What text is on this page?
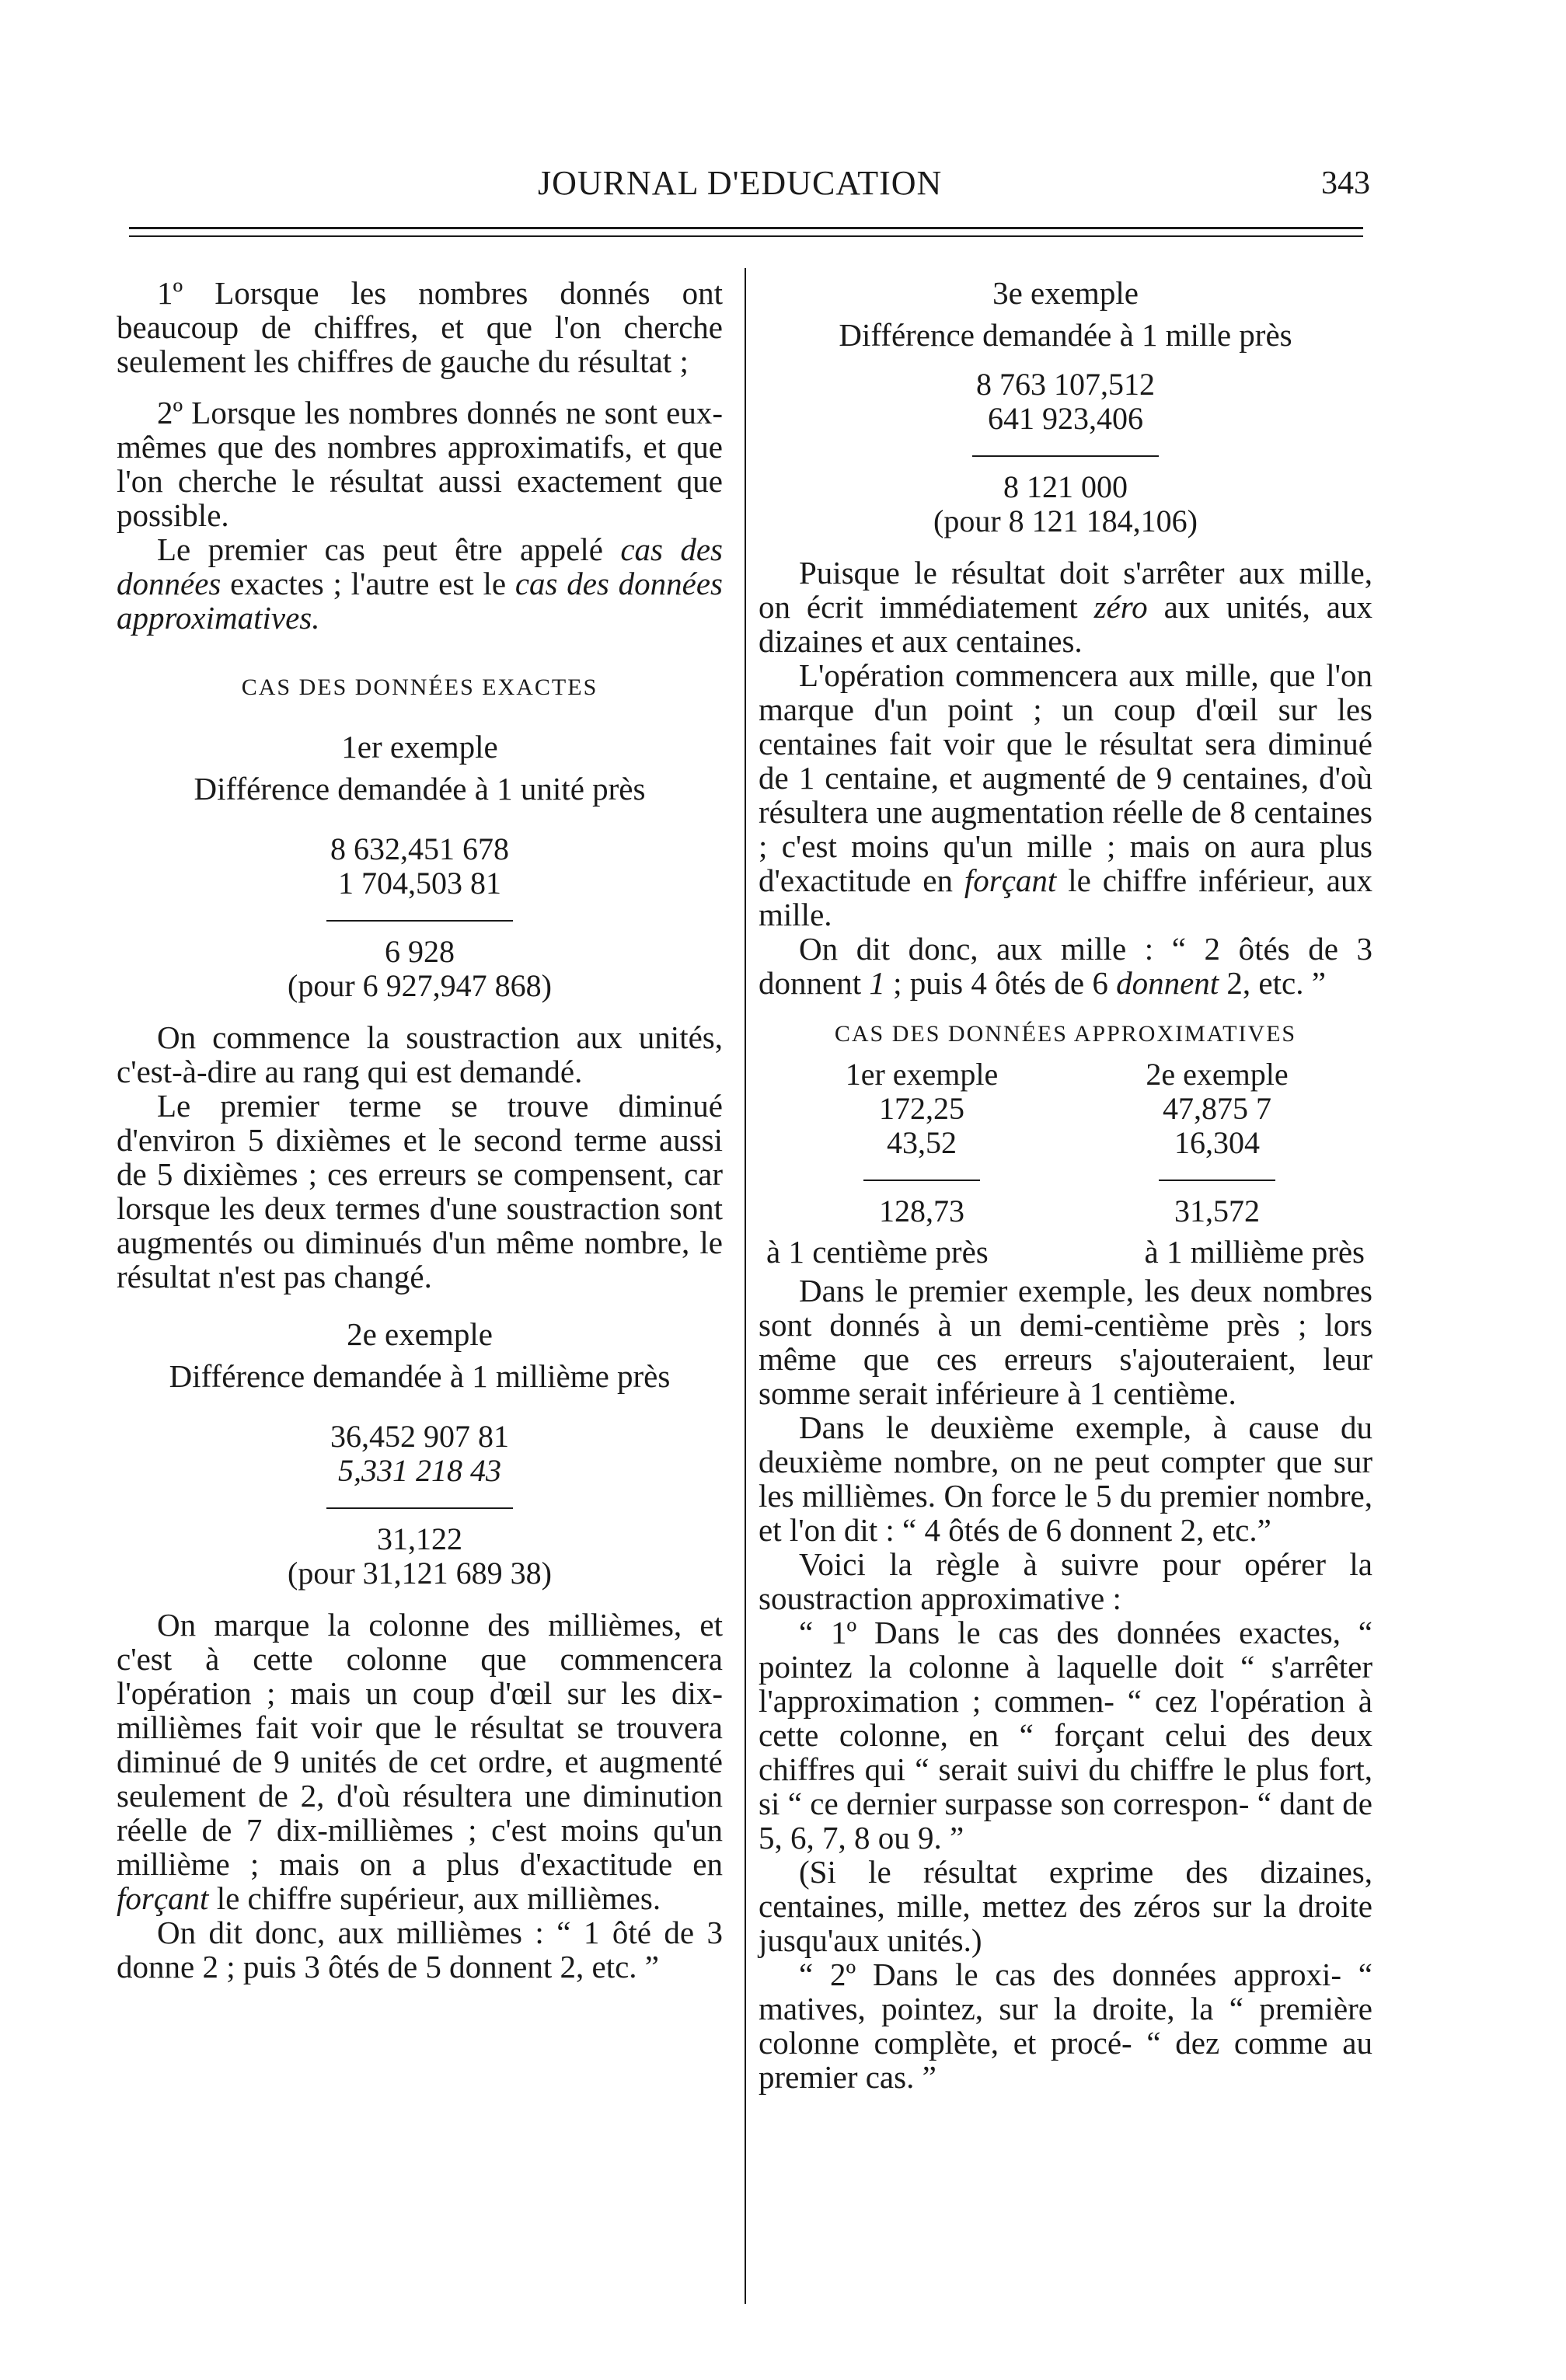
JOURNAL D'EDUCATION	343

1º Lorsque les nombres donnés ont beaucoup de chiffres, et que l'on cherche seulement les chiffres de gauche du résultat ;

2º Lorsque les nombres donnés ne sont eux-mêmes que des nombres approximatifs, et que l'on cherche le résultat aussi exactement que possible.

Le premier cas peut être appelé cas des données exactes ; l'autre est le cas des données approximatives.

CAS DES DONNÉES EXACTES
1er exemple
Différence demandée à 1 unité près
8 632,451 678
1 704,503 81
6 928
(pour 6 927,947 868)

On commence la soustraction aux unités, c'est-à-dire au rang qui est demandé.

Le premier terme se trouve diminué d'environ 5 dixièmes et le second terme aussi de 5 dixièmes ; ces erreurs se compensent, car lorsque les deux termes d'une soustraction sont augmentés ou diminués d'un même nombre, le résultat n'est pas changé.

2e exemple
Différence demandée à 1 millième près
36,452 907 81
5,331 218 43
31,122
(pour 31,121 689 38)

On marque la colonne des millièmes, et c'est à cette colonne que commencera l'opération ; mais un coup d'œil sur les dix-millièmes fait voir que le résultat se trouvera diminué de 9 unités de cet ordre, et augmenté seulement de 2, d'où résultera une diminution réelle de 7 dix-millièmes ; c'est moins qu'un millième ; mais on a plus d'exactitude en forçant le chiffre supérieur, aux millièmes.

On dit donc, aux millièmes : “ 1 ôté de 3 donne 2 ; puis 3 ôtés de 5 donnent 2, etc. ”

3e exemple
Différence demandée à 1 mille près
8 763 107,512
641 923,406
8 121 000
(pour 8 121 184,106)

Puisque le résultat doit s'arrêter aux mille, on écrit immédiatement zéro aux unités, aux dizaines et aux centaines.

L'opération commencera aux mille, que l'on marque d'un point ; un coup d'œil sur les centaines fait voir que le résultat sera diminué de 1 centaine, et augmenté de 9 centaines, d'où résultera une augmentation réelle de 8 centaines ; c'est moins qu'un mille ; mais on aura plus d'exactitude en forçant le chiffre inférieur, aux mille.

On dit donc, aux mille : “ 2 ôtés de 3 donnent 1 ; puis 4 ôtés de 6 donnent 2, etc. ”

CAS DES DONNÉES APPROXIMATIVES
1er exemple
172,25
43,52
128,73
2e exemple
47,875 7
16,304
31,572
à 1 centième près	à 1 millième près

Dans le premier exemple, les deux nombres sont donnés à un demi-centième près ; lors même que ces erreurs s'ajouteraient, leur somme serait inférieure à 1 centième.

Dans le deuxième exemple, à cause du deuxième nombre, on ne peut compter que sur les millièmes. On force le 5 du premier nombre, et l'on dit : “ 4 ôtés de 6 donnent 2, etc.”

Voici la règle à suivre pour opérer la soustraction approximative :

“ 1º Dans le cas des données exactes, “ pointez la colonne à laquelle doit “ s'arrêter l'approximation ; commen- “ cez l'opération à cette colonne, en “ forçant celui des deux chiffres qui “ serait suivi du chiffre le plus fort, si “ ce dernier surpasse son correspon- “ dant de 5, 6, 7, 8 ou 9. ”

(Si le résultat exprime des dizaines, centaines, mille, mettez des zéros sur la droite jusqu'aux unités.)

“ 2º Dans le cas des données approxi- “ matives, pointez, sur la droite, la “ première colonne complète, et procé- “ dez comme au premier cas. ”
